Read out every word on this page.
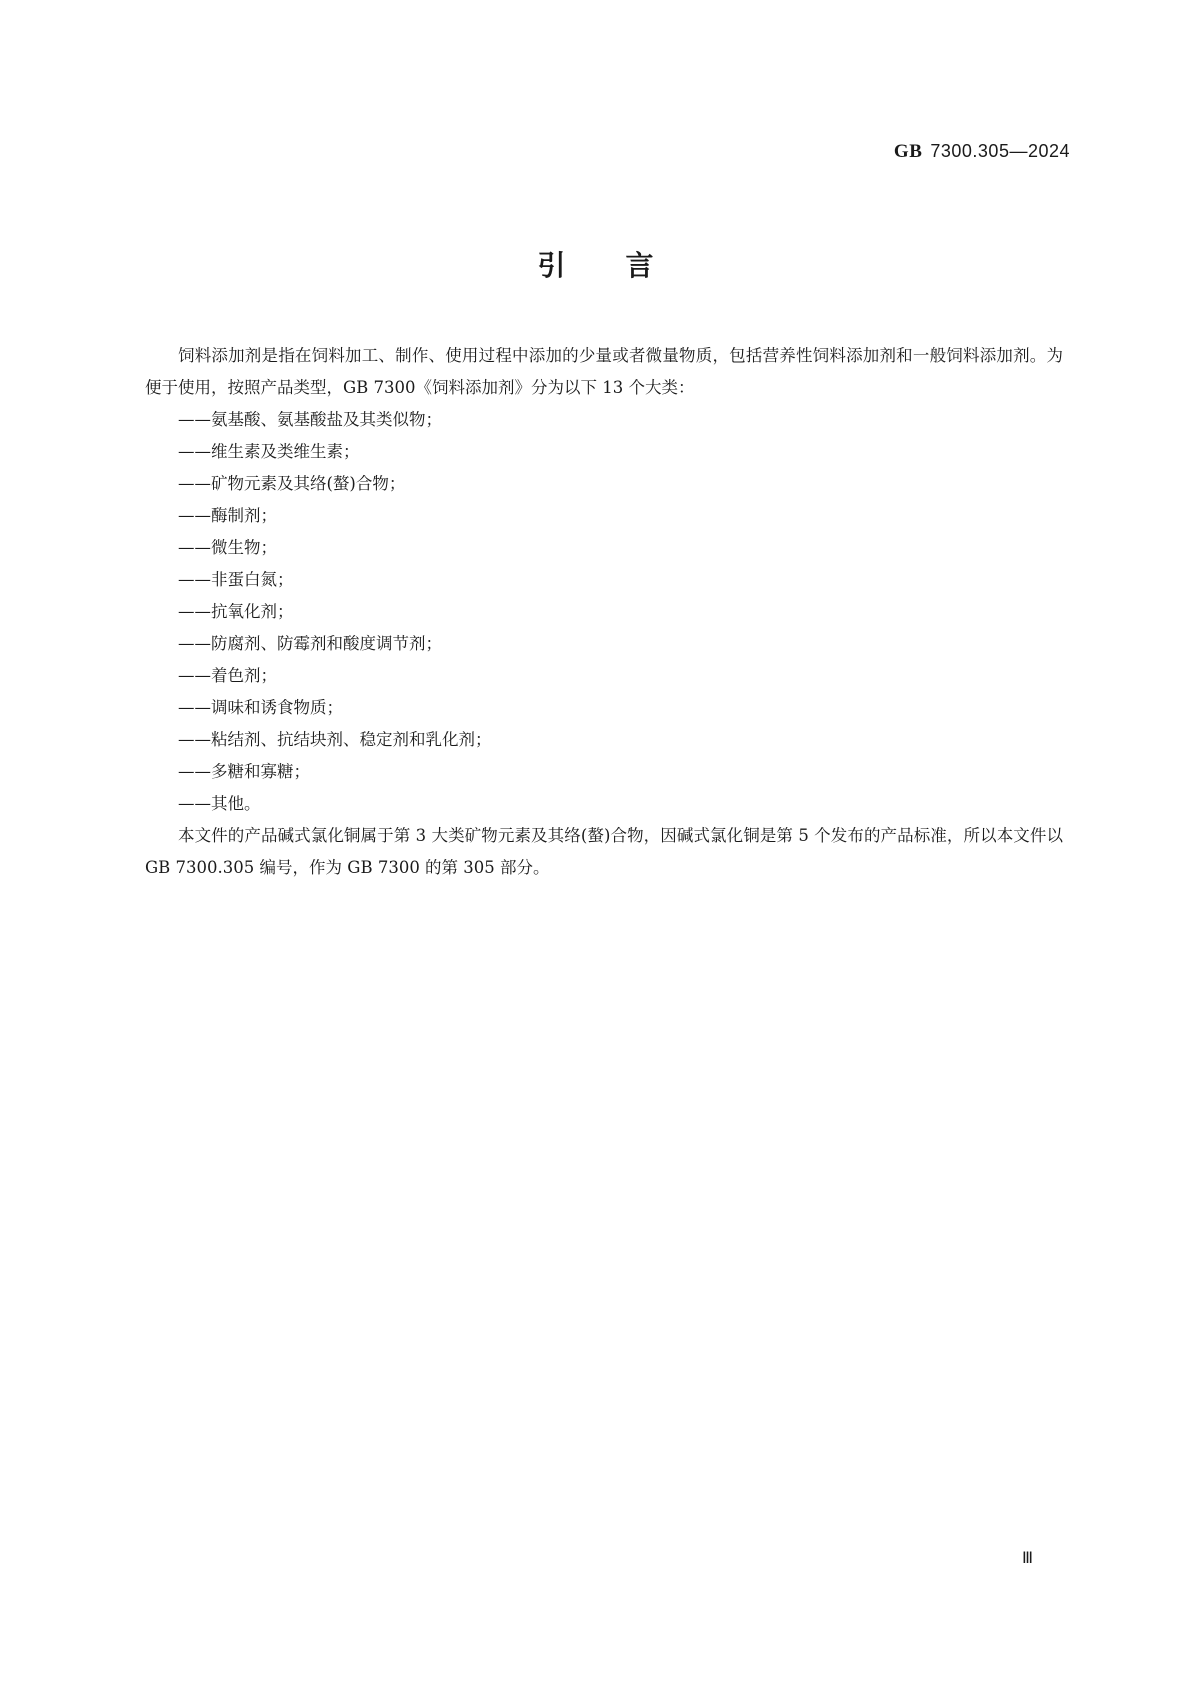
GB 7300.305—2024
引言

饲料添加剂是指在饲料加工、制作、使用过程中添加的少量或者微量物质，包括营养性饲料添加剂和一般饲料添加剂。为便于使用，按照产品类型，GB 7300《饲料添加剂》分为以下 13 个大类：

——氨基酸、氨基酸盐及其类似物；

——维生素及类维生素；

——矿物元素及其络(螯)合物；

——酶制剂；

——微生物；

——非蛋白氮；

——抗氧化剂；

——防腐剂、防霉剂和酸度调节剂；

——着色剂；

——调味和诱食物质；

——粘结剂、抗结块剂、稳定剂和乳化剂；

——多糖和寡糖；

——其他。

本文件的产品碱式氯化铜属于第 3 大类矿物元素及其络(螯)合物，因碱式氯化铜是第 5 个发布的产品标准，所以本文件以 GB 7300.305 编号，作为 GB 7300 的第 305 部分。

Ⅲ
